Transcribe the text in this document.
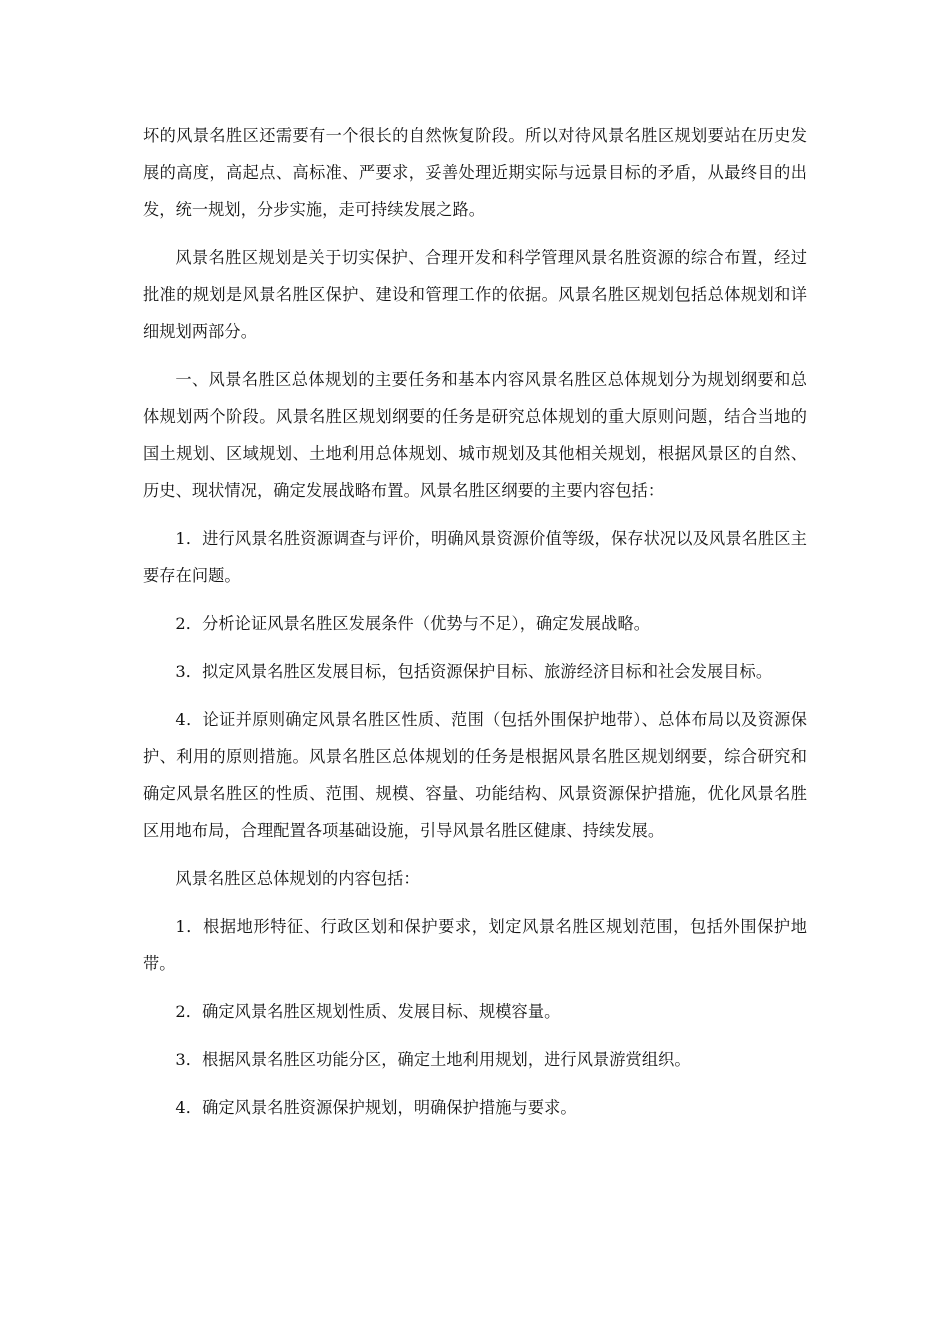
坏的风景名胜区还需要有一个很长的自然恢复阶段。所以对待风景名胜区规划要站在历史发展的高度，高起点、高标准、严要求，妥善处理近期实际与远景目标的矛盾，从最终目的出发，统一规划，分步实施，走可持续发展之路。

风景名胜区规划是关于切实保护、合理开发和科学管理风景名胜资源的综合布置，经过批准的规划是风景名胜区保护、建设和管理工作的依据。风景名胜区规划包括总体规划和详细规划两部分。

一、风景名胜区总体规划的主要任务和基本内容风景名胜区总体规划分为规划纲要和总体规划两个阶段。风景名胜区规划纲要的任务是研究总体规划的重大原则问题，结合当地的国土规划、区域规划、土地利用总体规划、城市规划及其他相关规划，根据风景区的自然、历史、现状情况，确定发展战略布置。风景名胜区纲要的主要内容包括：

1．进行风景名胜资源调查与评价，明确风景资源价值等级，保存状况以及风景名胜区主要存在问题。

2．分析论证风景名胜区发展条件（优势与不足），确定发展战略。

3．拟定风景名胜区发展目标，包括资源保护目标、旅游经济目标和社会发展目标。

4．论证并原则确定风景名胜区性质、范围（包括外围保护地带）、总体布局以及资源保护、利用的原则措施。风景名胜区总体规划的任务是根据风景名胜区规划纲要，综合研究和确定风景名胜区的性质、范围、规模、容量、功能结构、风景资源保护措施，优化风景名胜区用地布局，合理配置各项基础设施，引导风景名胜区健康、持续发展。

风景名胜区总体规划的内容包括：

1．根据地形特征、行政区划和保护要求，划定风景名胜区规划范围，包括外围保护地带。

2．确定风景名胜区规划性质、发展目标、规模容量。

3．根据风景名胜区功能分区，确定土地利用规划，进行风景游赏组织。

4．确定风景名胜资源保护规划，明确保护措施与要求。
